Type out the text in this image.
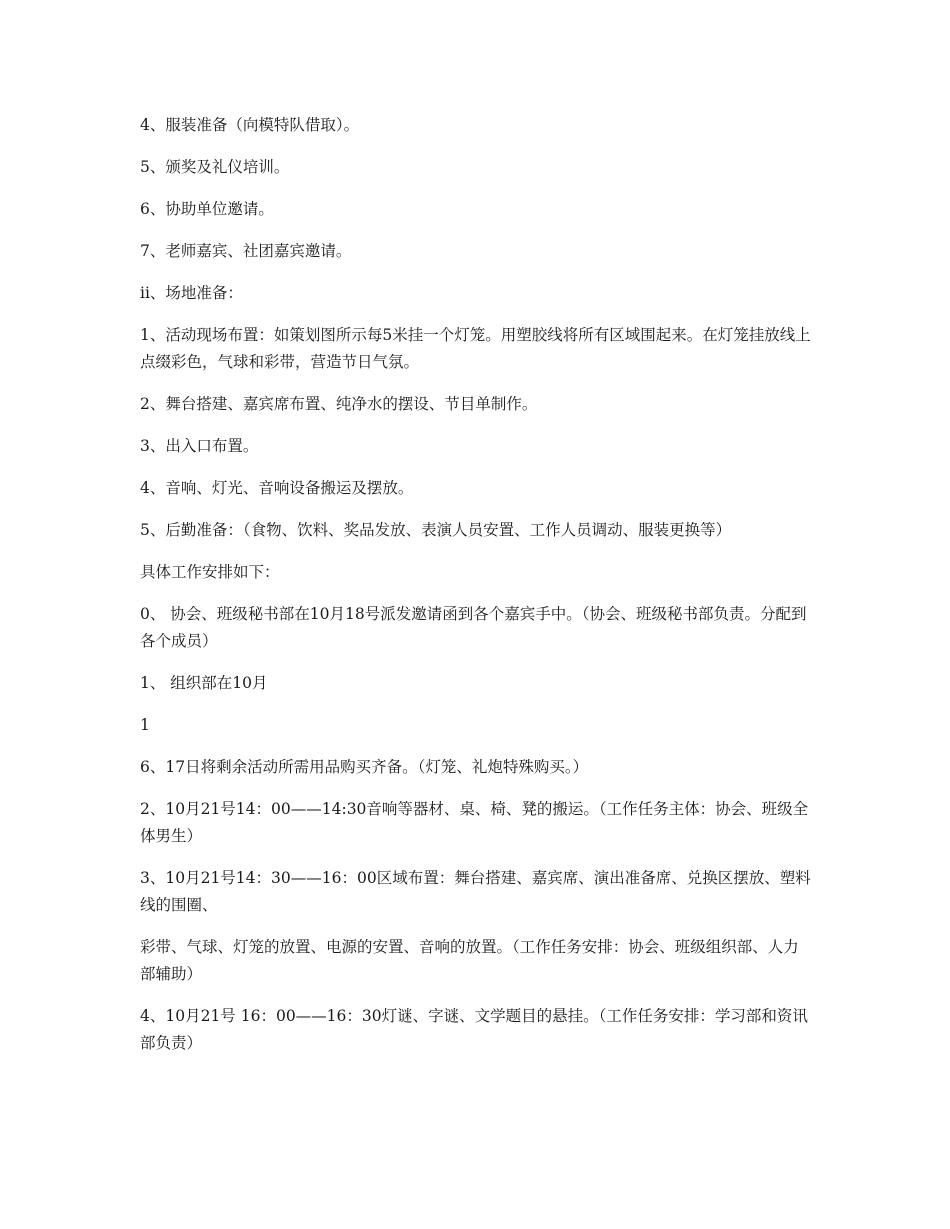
4、服装准备（向模特队借取）。

5、颁奖及礼仪培训。

6、协助单位邀请。

7、老师嘉宾、社团嘉宾邀请。

ii、场地准备：

1、活动现场布置：如策划图所示每5米挂一个灯笼。用塑胶线将所有区域围起来。在灯笼挂放线上点缀彩色，气球和彩带，营造节日气氛。

2、舞台搭建、嘉宾席布置、纯净水的摆设、节目单制作。

3、出入口布置。

4、音响、灯光、音响设备搬运及摆放。

5、后勤准备：（食物、饮料、奖品发放、表演人员安置、工作人员调动、服装更换等）

具体工作安排如下：

0、 协会、班级秘书部在10月18号派发邀请函到各个嘉宾手中。（协会、班级秘书部负责。分配到各个成员）

1、 组织部在10月

1

6、17日将剩余活动所需用品购买齐备。（灯笼、礼炮特殊购买。）

2、10月21号14：00——14:30音响等器材、桌、椅、凳的搬运。（工作任务主体：协会、班级全体男生）

3、10月21号14：30——16：00区域布置：舞台搭建、嘉宾席、演出准备席、兑换区摆放、塑料线的围圈、

彩带、气球、灯笼的放置、电源的安置、音响的放置。（工作任务安排：协会、班级组织部、人力部辅助）

4、10月21号 16：00——16：30灯谜、字谜、文学题目的悬挂。（工作任务安排：学习部和资讯部负责）
